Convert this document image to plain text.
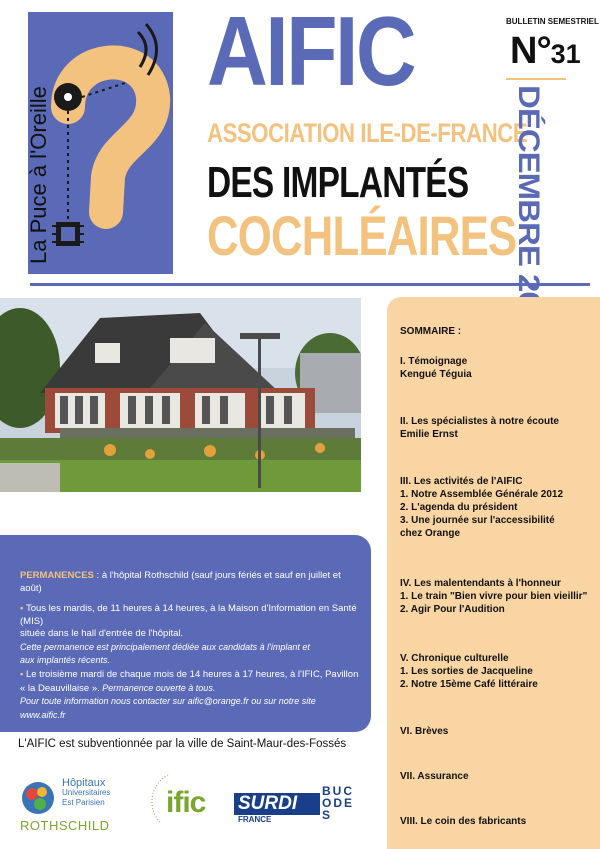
La Puce à l'Oreille
AIFIC
ASSOCIATION ILE-DE-FRANCE
DES IMPLANTÉS
COCHLÉAIRES
BULLETIN SEMESTRIEL
N°31
DÉCEMBRE

PERMANENCES : à l'hôpital Rothschild (sauf jours fériés et sauf en juillet et août)

• Tous les mardis, de 11 heures à 14 heures, à la Maison d'Information en Santé (MIS)
située dans le hall d'entrée de l'hôpital.
Cette permanence est principalement dédiée aux candidats à l'implant et
aux implantés récents.

• Le troisième mardi de chaque mois de 14 heures à 17 heures, à l'IFIC, Pavillon
« la Deauvillaise ». Permanence ouverte à tous.
Pour toute information nous contacter sur aific@orange.fr ou sur notre site www.aific.fr

L'AIFIC est subventionnée par la ville de Saint-Maur-des-Fossés
Hôpitaux
Universitaires
Est Parisien
ROTHSCHILD
ific SURDI
FRANCE
BUCODES
SOMMAIRE :
I. Témoignage
Kengué Téguia
II. Les spécialistes à notre écoute
Emilie Ernst
III. Les activités de l'AIFIC
1. Notre Assemblée Générale 2012
2. L'agenda du président
3. Une journée sur l'accessibilité
chez Orange
IV. Les malentendants à l'honneur
1. Le train "Bien vivre pour bien vieillir"
2. Agir Pour l'Audition
V. Chronique culturelle
1. Les sorties de Jacqueline
2. Notre 15ème Café littéraire
VI. Brèves
VII. Assurance
VIII. Le coin des fabricants
